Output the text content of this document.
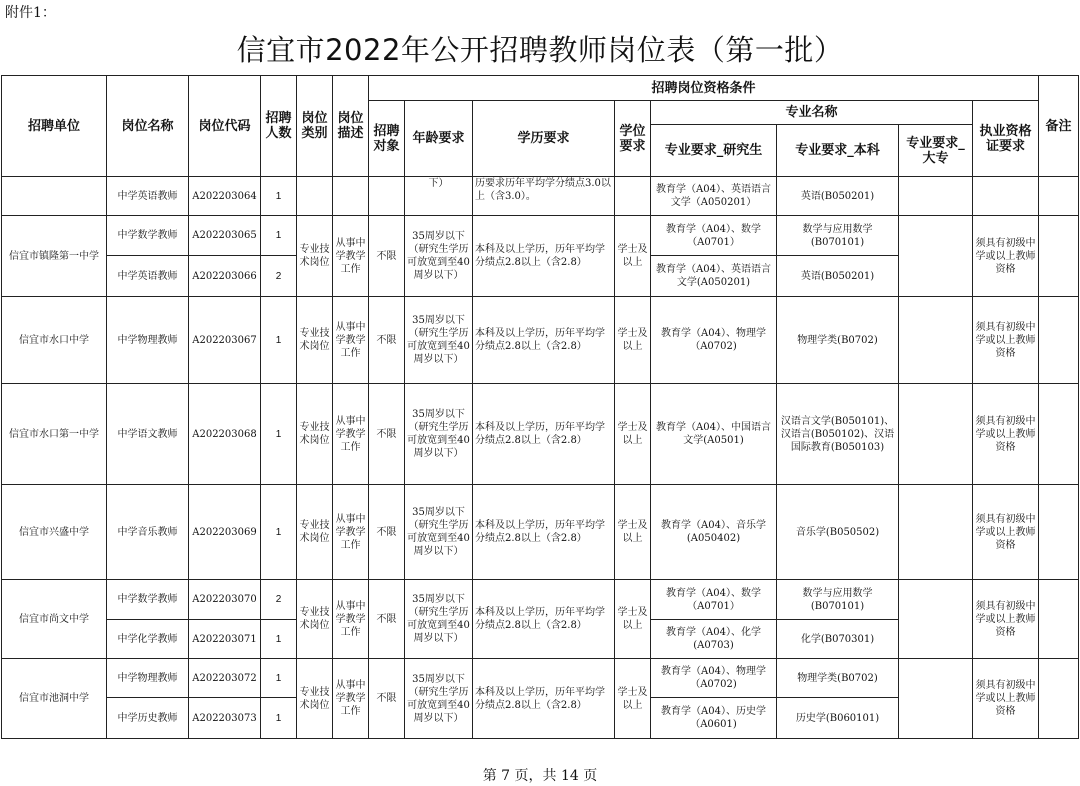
附件1：
信宜市2022年公开招聘教师岗位表（第一批）
招聘单位	岗位名称	岗位代码	招聘人数	岗位类别	岗位描述	招聘岗位资格条件								备注
						招聘对象	年龄要求	学历要求	学位要求	专业名称			执业资格证要求	
										专业要求_研究生	专业要求_本科	专业要求_大专		
	中学英语教师	A202203064	1				下）	历要求历年平均学分绩点3.0以上（含3.0）。		教育学（A04）、英语语言文学（A050201）	英语(B050201)			
信宜市镇隆第一中学	中学数学教师	A202203065	1	专业技术岗位	从事中学教学工作	不限	35周岁以下（研究生学历可放宽到至40周岁以下）	本科及以上学历，历年平均学分绩点2.8以上（含2.8）	学士及以上	教育学（A04）、数学（A0701）	数学与应用数学(B070101)		须具有初级中学或以上教师资格	
	中学英语教师	A202203066	2							教育学（A04）、英语语言文学(A050201)	英语(B050201)			
信宜市水口中学	中学物理教师	A202203067	1	专业技术岗位	从事中学教学工作	不限	35周岁以下（研究生学历可放宽到至40周岁以下）	本科及以上学历，历年平均学分绩点2.8以上（含2.8）	学士及以上	教育学（A04）、物理学（A0702)	物理学类(B0702)		须具有初级中学或以上教师资格	
信宜市水口第一中学	中学语文教师	A202203068	1	专业技术岗位	从事中学教学工作	不限	35周岁以下（研究生学历可放宽到至40周岁以下）	本科及以上学历，历年平均学分绩点2.8以上（含2.8）	学士及以上	教育学（A04）、中国语言文学(A0501)	汉语言文学(B050101)、汉语言(B050102)、汉语国际教育(B050103)		须具有初级中学或以上教师资格	
信宜市兴盛中学	中学音乐教师	A202203069	1	专业技术岗位	从事中学教学工作	不限	35周岁以下（研究生学历可放宽到至40周岁以下）	本科及以上学历，历年平均学分绩点2.8以上（含2.8）	学士及以上	教育学（A04）、音乐学(A050402)	音乐学(B050502)		须具有初级中学或以上教师资格	
信宜市尚文中学	中学数学教师	A202203070	2	专业技术岗位	从事中学教学工作	不限	35周岁以下（研究生学历可放宽到至40周岁以下）	本科及以上学历，历年平均学分绩点2.8以上（含2.8）	学士及以上	教育学（A04）、数学（A0701）	数学与应用数学(B070101)		须具有初级中学或以上教师资格	
	中学化学教师	A202203071	1							教育学（A04）、化学(A0703)	化学(B070301)			
信宜市池洞中学	中学物理教师	A202203072	1	专业技术岗位	从事中学教学工作	不限	35周岁以下（研究生学历可放宽到至40周岁以下）	本科及以上学历，历年平均学分绩点2.8以上（含2.8）	学士及以上	教育学（A04）、物理学（A0702)	物理学类(B0702)		须具有初级中学或以上教师资格	
	中学历史教师	A202203073	1							教育学（A04）、历史学（A0601)	历史学(B060101)			
第 7 页，共 14 页
